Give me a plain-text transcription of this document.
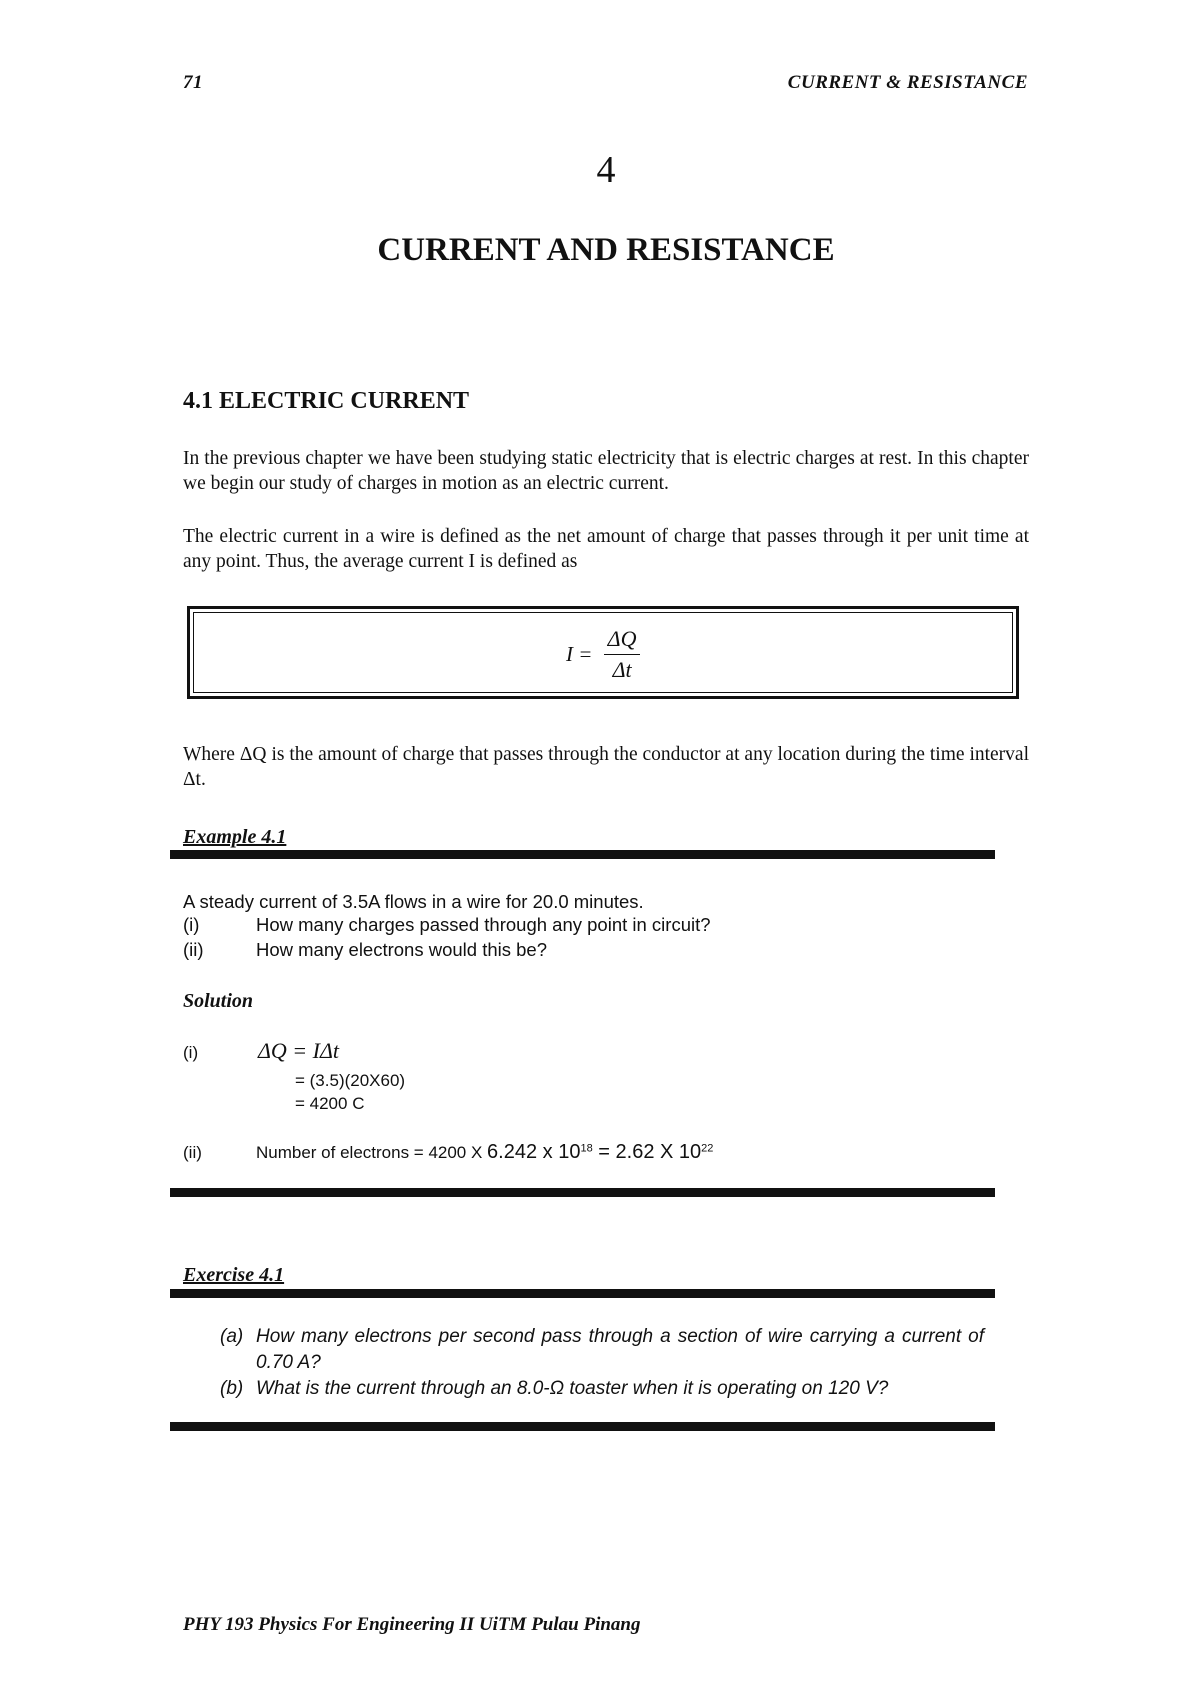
71	CURRENT & RESISTANCE
4
CURRENT AND RESISTANCE
4.1 ELECTRIC CURRENT
In the previous chapter we have been studying static electricity that is electric charges at rest. In this chapter we begin our study of charges in motion as an electric current.
The electric current in a wire is defined as the net amount of charge that passes through it per unit time at any point. Thus, the average current I is defined as
$I = \frac{\Delta Q}{\Delta t}$
Where ΔQ is the amount of charge that passes through the conductor at any location during the time interval Δt.
Example 4.1
A steady current of 3.5A flows in a wire for 20.0 minutes.
(i)	How many charges passed through any point in circuit?
(ii)	How many electrons would this be?
Solution
(i)	ΔQ = IΔt
= (3.5)(20X60)
= 4200 C
(ii)	Number of electrons = 4200 X 6.242 x $10^{18} = 2.62$ X $10^{22}$
Exercise 4.1
(a) How many electrons per second pass through a section of wire carrying a current of 0.70 A?
(b) What is the current through an 8.0-Ω toaster when it is operating on 120 V?
PHY 193 Physics For Engineering II UiTM Pulau Pinang
